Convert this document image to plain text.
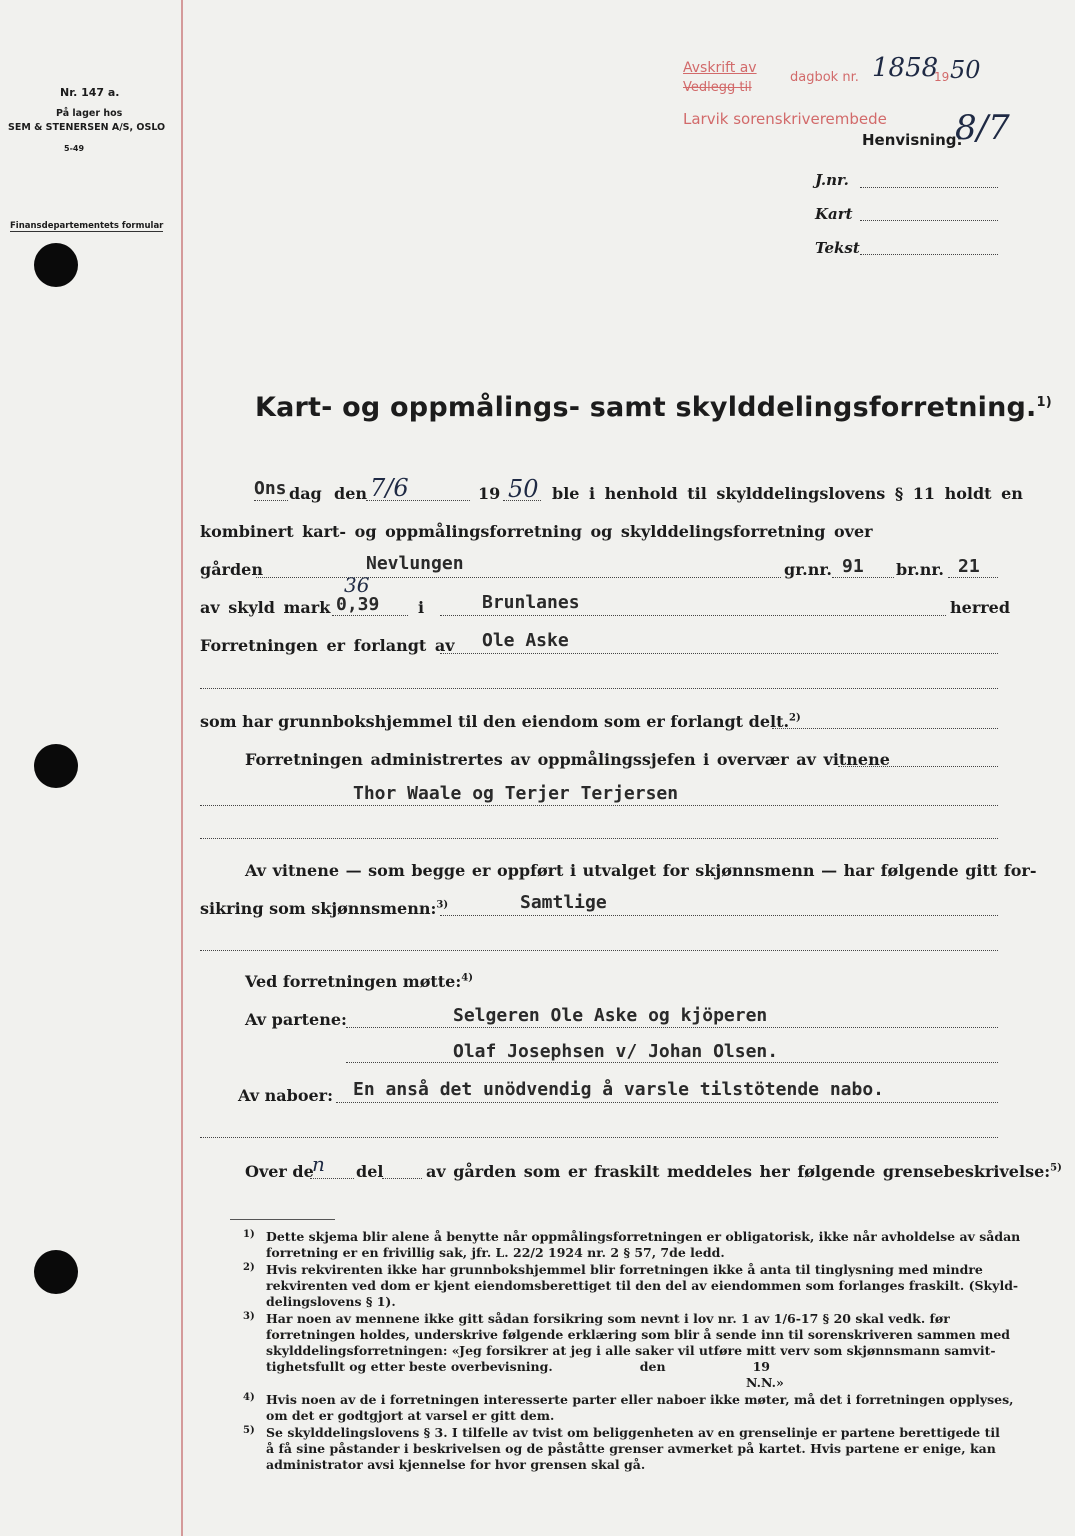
Nr. 147 a.
På lager hos
SEM & STENERSEN A/S, OSLO
5-49
Finansdepartementets formular
Avskrift av
Vedlegg til
dagbok nr. 1858
19 50
Larvik sorenskriverembede
Henvisning:
8/7
J.nr.
Kart
Tekst
Kart- og oppmålings- samt skylddelingsforretning.$^{1)}$
Ons dag den 7/6	19 50 ble i henhold til skylddelingslovens § 11 holdt en
kombinert kart- og oppmålingsforretning og skylddelingsforretning over
gården	Nevlungen	gr.nr. 91 br.nr. 21
av skyld mark
36
0,39 i	Brunlanes	herred
Forretningen er forlangt av Ole Aske
som har grunnbokshjemmel til den eiendom som er forlangt delt.$^{2)}$
Forretningen administrertes av oppmålingssjefen i overvær av vitnene
Thor Waale og Terjer Terjersen
Av vitnene — som begge er oppført i utvalget for skjønnsmenn — har følgende gitt for-
sikring som skjønnsmenn:$^{3)}$	Samtlige
Ved forretningen møtte:$^{4)}$
Av partene:	Selgeren Ole Aske og kjöperen
Olaf Josephsen v/ Johan Olsen.
Av naboer: En anså det unödvendig å varsle tilstötende nabo.
Over de
n del	av gården som er fraskilt meddeles her følgende grensebeskrivelse:$^{5)}$
1) Dette skjema blir alene å benytte når oppmålingsforretningen er obligatorisk, ikke når avholdelse av sådan
forretning er en frivillig sak, jfr. L. 22/2 1924 nr. 2 § 57, 7de ledd.
2) Hvis rekvirenten ikke har grunnbokshjemmel blir forretningen ikke å anta til tinglysning med mindre
rekvirenten ved dom er kjent eiendomsberettiget til den del av eiendommen som forlanges fraskilt. (Skyld-
delingslovens § 1).
3) Har noen av mennene ikke gitt sådan forsikring som nevnt i lov nr. 1 av 1/6-17 § 20 skal vedk. før
forretningen holdes, underskrive følgende erklæring som blir å sende inn til sorenskriveren sammen med
skylddelingsforretningen: «Jeg forsikrer at jeg i alle saker vil utføre mitt verv som skjønnsmann samvit-
tighetsfullt og etter beste overbevisning.                    den                    19
N.N.»
4) Hvis noen av de i forretningen interesserte parter eller naboer ikke møter, må det i forretningen opplyses,
om det er godtgjort at varsel er gitt dem.
5) Se skylddelingslovens § 3. I tilfelle av tvist om beliggenheten av en grenselinje er partene berettigede til
å få sine påstander i beskrivelsen og de påståtte grenser avmerket på kartet. Hvis partene er enige, kan
administrator avsi kjennelse for hvor grensen skal gå.
